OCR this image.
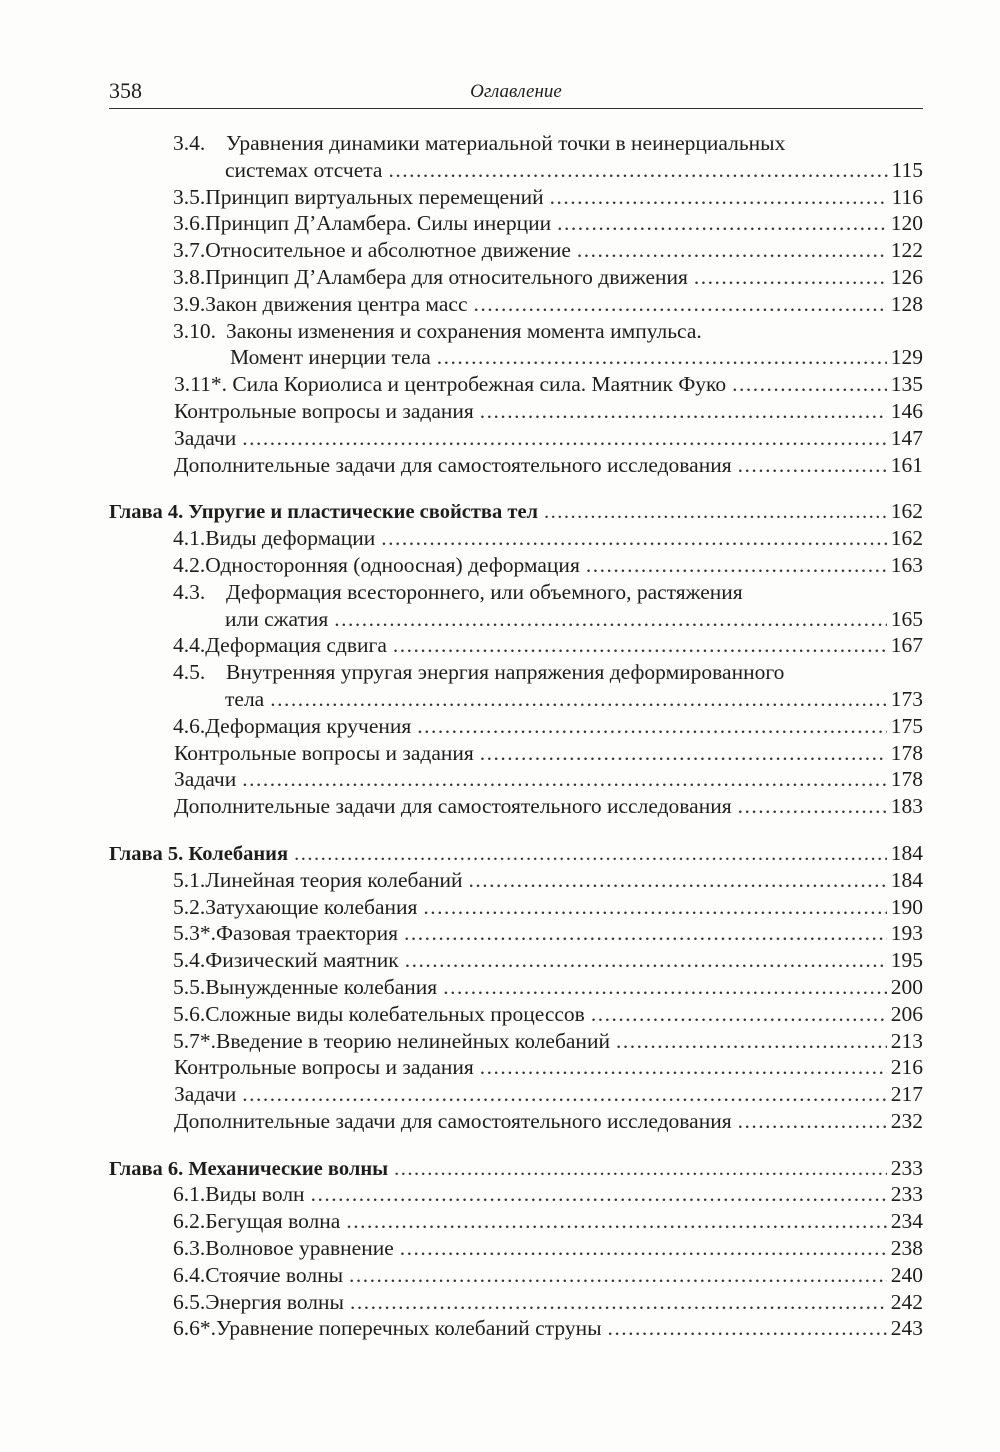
358	Оглавление
3.4. Уравнения динамики материальной точки в неинерциальных
системах отсчета .....	115
3.5. Принцип виртуальных перемещений .....	116
3.6. Принцип Д’Аламбера. Силы инерции .....	120
3.7. Относительное и абсолютное движение .....	122
3.8. Принцип Д’Аламбера для относительного движения .....	126
3.9. Закон движения центра масс .....	128
3.10. Законы изменения и сохранения момента импульса.
Момент инерции тела .....	129
3.11*. Сила Кориолиса и центробежная сила. Маятник Фуко .....	135
Контрольные вопросы и задания .....	146
Задачи .....	147
Дополнительные задачи для самостоятельного исследования .....	161
Глава 4. Упругие и пластические свойства тел .....	162
4.1. Виды деформации .....	162
4.2. Односторонняя (одноосная) деформация .....	163
4.3. Деформация всестороннего, или объемного, растяжения
или сжатия .....	165
4.4. Деформация сдвига .....	167
4.5. Внутренняя упругая энергия напряжения деформированного
тела .....	173
4.6. Деформация кручения .....	175
Контрольные вопросы и задания .....	178
Задачи .....	178
Дополнительные задачи для самостоятельного исследования .....	183
Глава 5. Колебания .....	184
5.1. Линейная теория колебаний .....	184
5.2. Затухающие колебания .....	190
5.3*. Фазовая траектория .....	193
5.4. Физический маятник .....	195
5.5. Вынужденные колебания .....	200
5.6. Сложные виды колебательных процессов .....	206
5.7*. Введение в теорию нелинейных колебаний .....	213
Контрольные вопросы и задания .....	216
Задачи .....	217
Дополнительные задачи для самостоятельного исследования .....	232
Глава 6. Механические волны .....	233
6.1. Виды волн .....	233
6.2. Бегущая волна .....	234
6.3. Волновое уравнение .....	238
6.4. Стоячие волны .....	240
6.5. Энергия волны .....	242
6.6*. Уравнение поперечных колебаний струны .....	243
